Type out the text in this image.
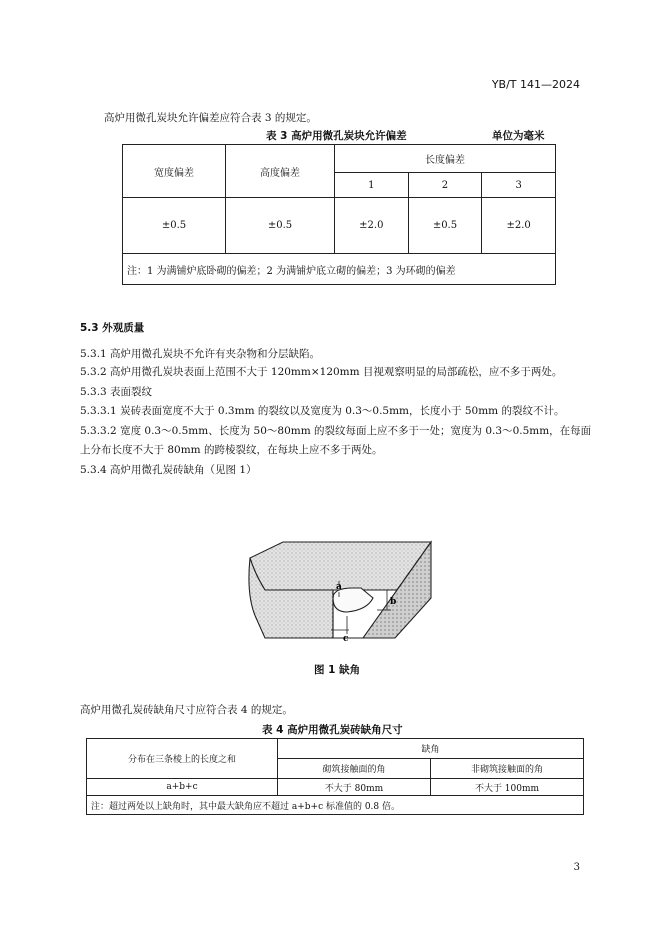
YB/T 141—2024
高炉用微孔炭块允许偏差应符合表 3 的规定。
表 3 高炉用微孔炭块允许偏差	单位为毫米
宽度偏差	高度偏差	长度偏差		
		1	2	3
±0.5	±0.5	±2.0	±0.5	±2.0
注：1 为满铺炉底卧砌的偏差；2 为满铺炉底立砌的偏差；3 为环砌的偏差				
5.3 外观质量
5.3.1 高炉用微孔炭块不允许有夹杂物和分层缺陷。
5.3.2 高炉用微孔炭块表面上范围不大于 120mm×120mm 目视观察明显的局部疏松，应不多于两处。
5.3.3 表面裂纹
5.3.3.1 炭砖表面宽度不大于 0.3mm 的裂纹以及宽度为 0.3～0.5mm，长度小于 50mm 的裂纹不计。
5.3.3.2 宽度 0.3～0.5mm、长度为 50～80mm 的裂纹每面上应不多于一处；宽度为 0.3～0.5mm，在每面
上分布长度不大于 80mm 的跨棱裂纹，在每块上应不多于两处。
5.3.4 高炉用微孔炭砖缺角（见图 1）
a
b
c
图 1 缺角
高炉用微孔炭砖缺角尺寸应符合表 4 的规定。
表 4 高炉用微孔炭砖缺角尺寸
分布在三条棱上的长度之和	缺角	
	砌筑接触面的角	非砌筑接触面的角
a+b+c	不大于 80mm	不大于 100mm
注：超过两处以上缺角时，其中最大缺角应不超过 a+b+c 标准值的 0.8 倍。		
3
